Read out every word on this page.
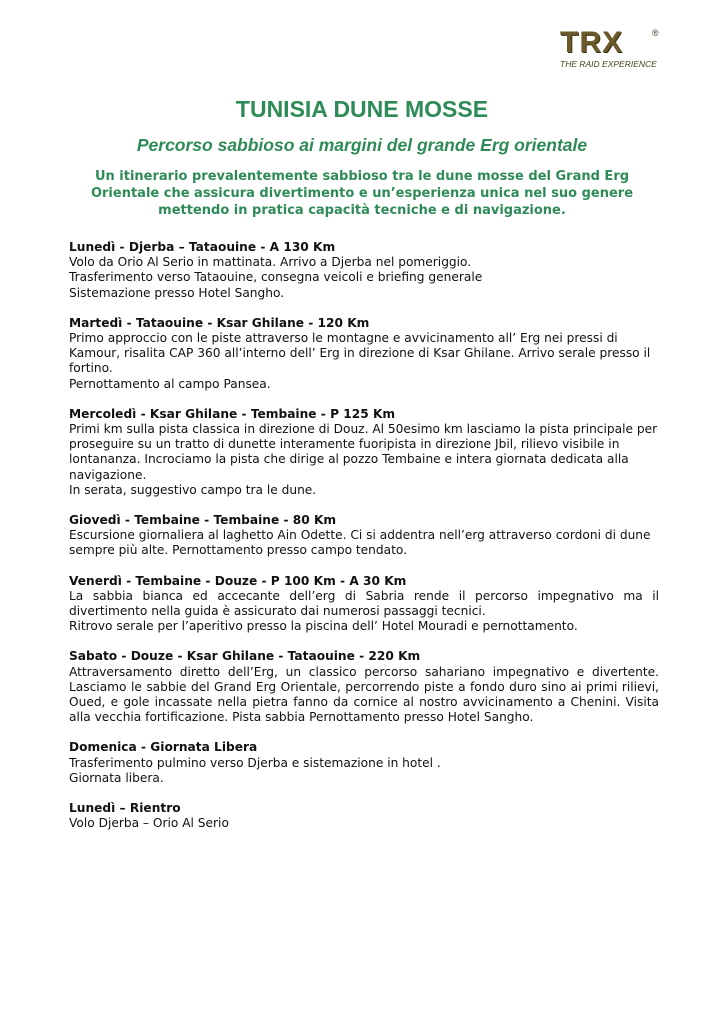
TRX	®
THE RAID EXPERIENCE
TUNISIA DUNE MOSSE
Percorso sabbioso ai margini del grande Erg orientale

Un itinerario prevalentemente sabbioso tra le dune mosse del Grand Erg Orientale che assicura divertimento e un’esperienza unica nel suo genere mettendo in pratica capacità tecniche e di navigazione.

Lunedì - Djerba – Tataouine - A 130 Km

Volo da Orio Al Serio in mattinata. Arrivo a Djerba nel pomeriggio.

Trasferimento verso Tataouine, consegna veicoli e briefing generale

Sistemazione presso Hotel Sangho.

Martedì - Tataouine - Ksar Ghilane - 120 Km

Primo approccio con le piste attraverso le montagne e avvicinamento all’ Erg nei pressi di Kamour, risalita CAP 360 all’interno dell’ Erg in direzione di Ksar Ghilane. Arrivo serale presso il fortino.

Pernottamento al campo Pansea.

Mercoledì - Ksar Ghilane - Tembaine - P 125 Km

Primi km sulla pista classica in direzione di Douz. Al 50esimo km lasciamo la pista principale per proseguire su un tratto di dunette interamente fuoripista in direzione Jbil, rilievo visibile in lontananza. Incrociamo la pista che dirige al pozzo Tembaine e intera giornata dedicata alla navigazione.

In serata, suggestivo campo tra le dune.

Giovedì - Tembaine - Tembaine - 80 Km

Escursione giornaliera al laghetto Ain Odette. Ci si addentra nell’erg attraverso cordoni di dune sempre più alte. Pernottamento presso campo tendato.

Venerdì - Tembaine - Douze - P 100 Km - A 30 Km

La sabbia bianca ed accecante dell’erg di Sabria rende il percorso impegnativo ma il divertimento nella guida è assicurato dai numerosi passaggi tecnici.

Ritrovo serale per l’aperitivo presso la piscina dell’ Hotel Mouradi e pernottamento.

Sabato - Douze - Ksar Ghilane - Tataouine - 220 Km

Attraversamento diretto dell’Erg, un classico percorso sahariano impegnativo e divertente. Lasciamo le sabbie del Grand Erg Orientale, percorrendo piste a fondo duro sino ai primi rilievi, Oued, e gole incassate nella pietra fanno da cornice al nostro avvicinamento a Chenini. Visita alla vecchia fortificazione. Pista sabbia Pernottamento presso Hotel Sangho.

Domenica - Giornata Libera

Trasferimento pulmino verso Djerba e sistemazione in hotel .

Giornata libera.

Lunedì – Rientro

Volo Djerba – Orio Al Serio
